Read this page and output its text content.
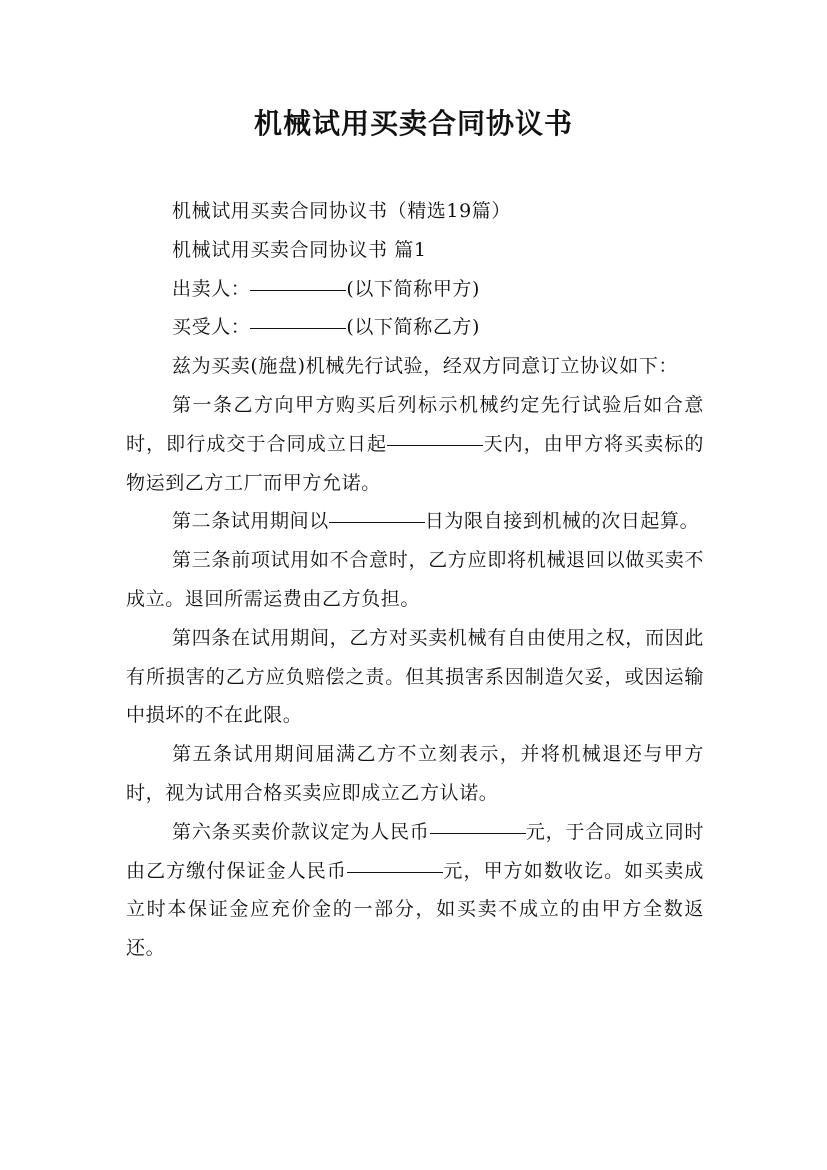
机械试用买卖合同协议书

机械试用买卖合同协议书（精选19篇）

机械试用买卖合同协议书 篇1

出卖人：	(以下简称甲方)

买受人：	(以下简称乙方)

兹为买卖(施盘)机械先行试验，经双方同意订立协议如下：

第一条乙方向甲方购买后列标示机械约定先行试验后如合意时，即行成交于合同成立日起	天内，由甲方将买卖标的物运到乙方工厂而甲方允诺。

第二条试用期间以	日为限自接到机械的次日起算。

第三条前项试用如不合意时，乙方应即将机械退回以做买卖不成立。退回所需运费由乙方负担。

第四条在试用期间，乙方对买卖机械有自由使用之权，而因此有所损害的乙方应负赔偿之责。但其损害系因制造欠妥，或因运输中损坏的不在此限。

第五条试用期间届满乙方不立刻表示，并将机械退还与甲方时，视为试用合格买卖应即成立乙方认诺。

第六条买卖价款议定为人民币	元，于合同成立同时由乙方缴付保证金人民币	元，甲方如数收讫。如买卖成立时本保证金应充价金的一部分，如买卖不成立的由甲方全数返还。
